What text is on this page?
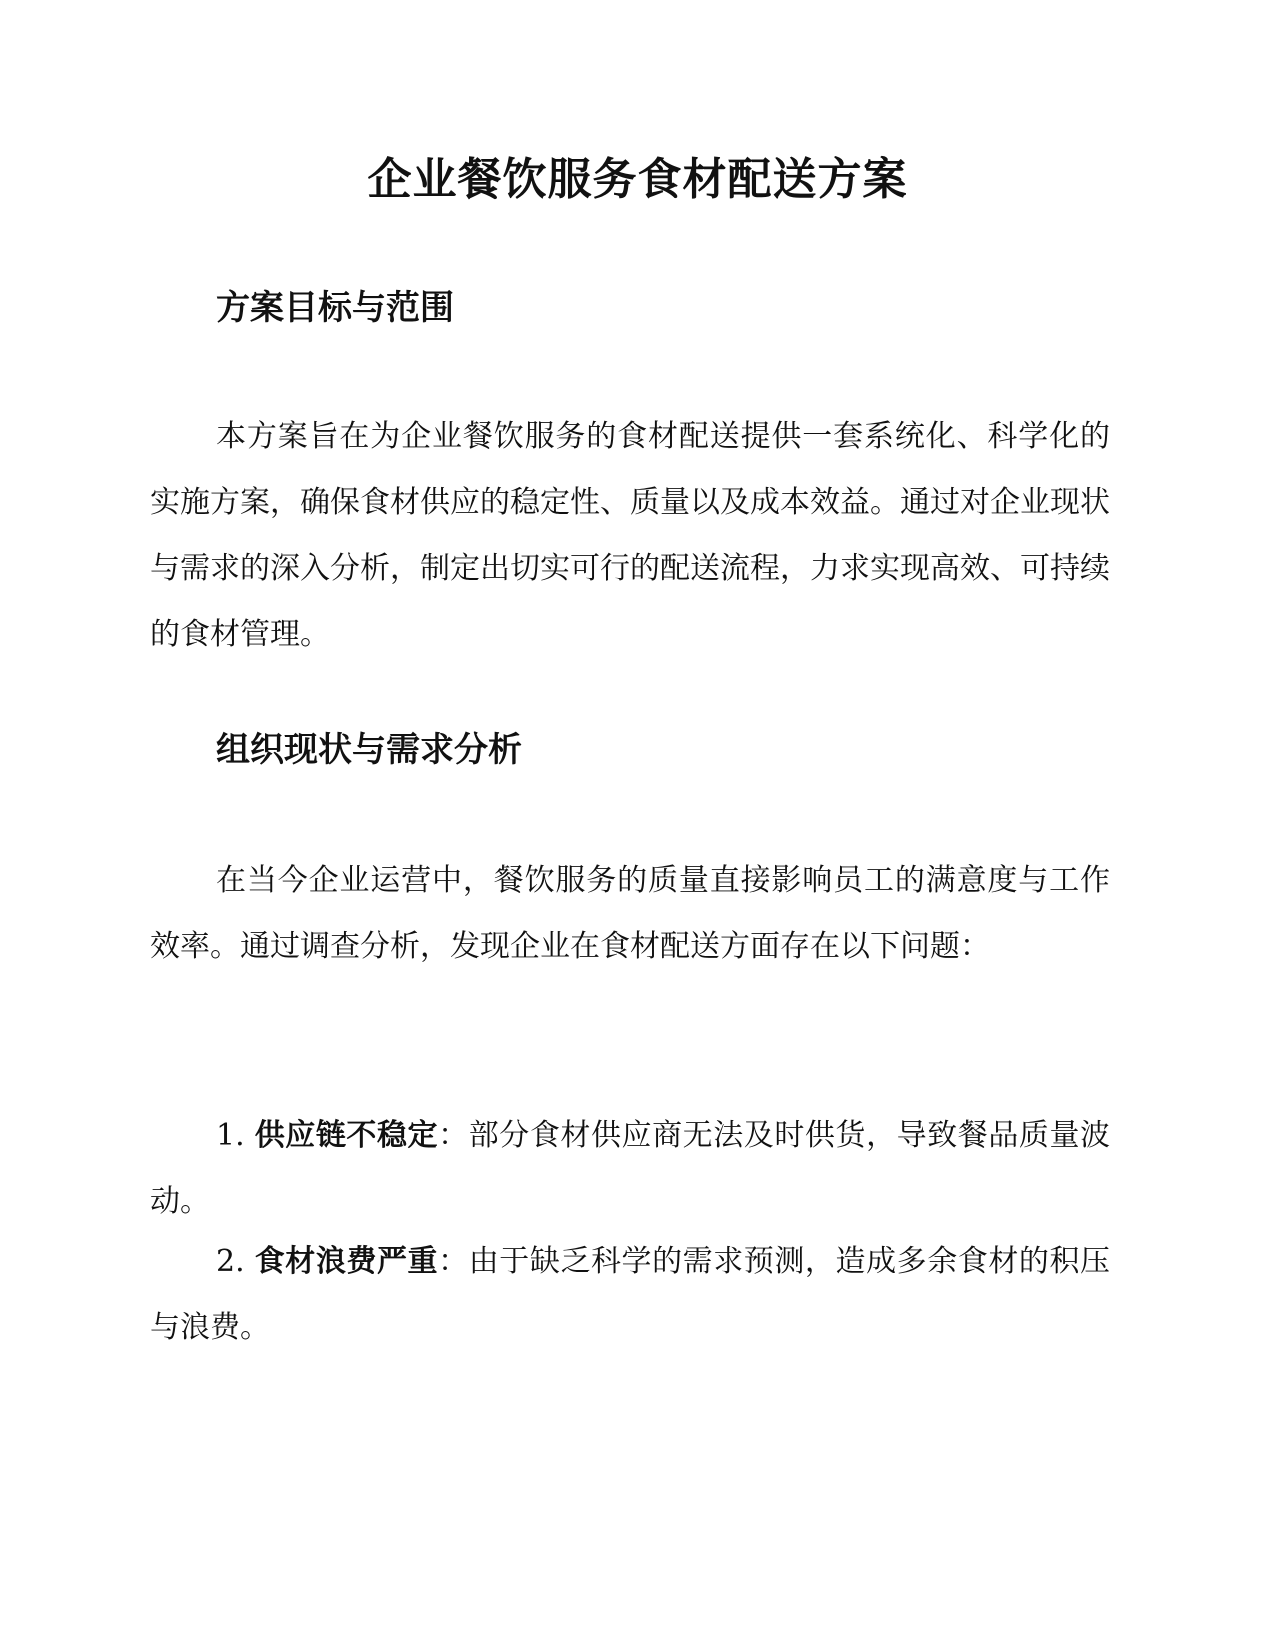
企业餐饮服务食材配送方案
方案目标与范围

本方案旨在为企业餐饮服务的食材配送提供一套系统化、科学化的实施方案，确保食材供应的稳定性、质量以及成本效益。通过对企业现状与需求的深入分析，制定出切实可行的配送流程，力求实现高效、可持续的食材管理。

组织现状与需求分析

在当今企业运营中，餐饮服务的质量直接影响员工的满意度与工作效率。通过调查分析，发现企业在食材配送方面存在以下问题：

1. 供应链不稳定：部分食材供应商无法及时供货，导致餐品质量波动。

2. 食材浪费严重：由于缺乏科学的需求预测，造成多余食材的积压与浪费。
